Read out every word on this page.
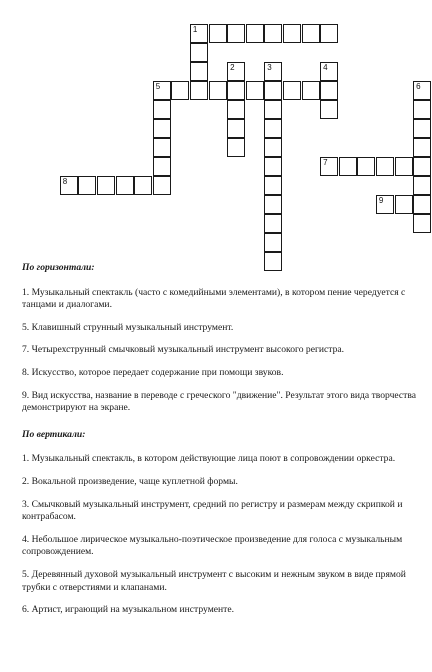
1
2	3	4
5	6
7
8
9
По горизонтали:
1. Музыкальный спектакль (часто с комедийными элементами), в котором пение чередуется с танцами и диалогами.
5. Клавишный струнный музыкальный инструмент.
7. Четырехструнный смычковый музыкальный инструмент высокого регистра.
8. Искусство, которое передает содержание при помощи звуков.
9. Вид искусства, название в переводе с греческого "движение". Результат этого вида творчества демонстрируют на экране.
По вертикали:
1. Музыкальный спектакль, в котором действующие лица поют в сопровождении оркестра.
2. Вокальной произведение, чаще куплетной формы.
3. Смычковый музыкальный инструмент, средний по регистру и размерам между скрипкой и контрабасом.
4. Небольшое лирическое музыкально-поэтическое произведение для голоса с музыкальным сопровождением.
5. Деревянный духовой музыкальный инструмент с высоким и нежным звуком в виде прямой трубки с отверстиями и клапанами.
6. Артист, играющий на музыкальном инструменте.
